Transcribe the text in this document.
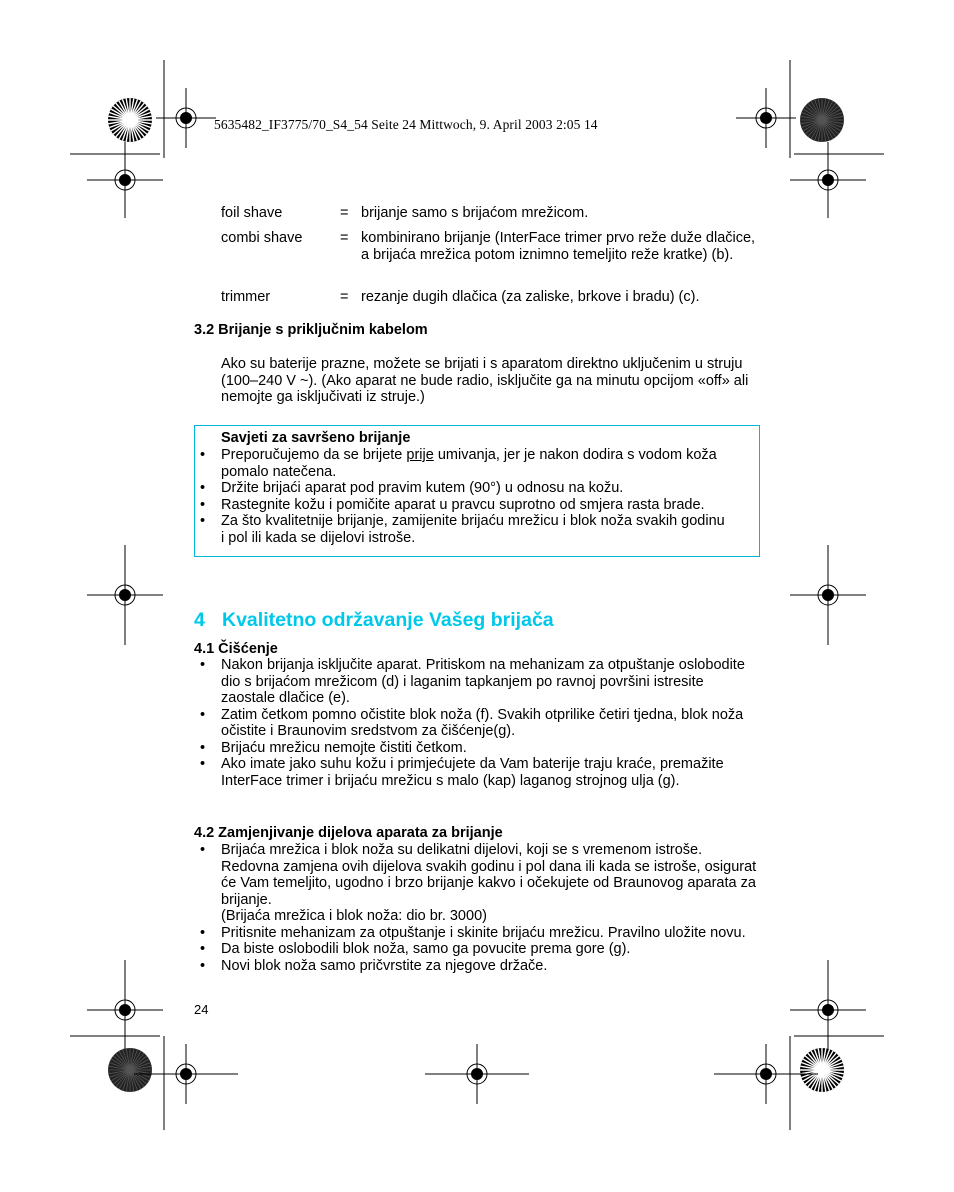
5635482_IF3775/70_S4_54 Seite 24 Mittwoch, 9. April 2003 2:05 14
foil shave	= brijanje samo s brijaćom mrežicom.
combi shave	= kombinirano brijanje (InterFace trimer prvo reže duže dlačice, a brijaća mrežica potom iznimno temeljito reže kratke) (b).
trimmer	= rezanje dugih dlačica (za zaliske, brkove i bradu) (c).
3.2 Brijanje s priključnim kabelom
Ako su baterije prazne, možete se brijati i s aparatom direktno uključenim u struju (100–240 V ~). (Ako aparat ne bude radio, isključite ga na minutu opcijom «off» ali nemojte ga isključivati iz struje.)
Savjeti za savršeno brijanje
• Preporučujemo da se brijete prije umivanja, jer je nakon dodira s vodom koža pomalo natečena.
• Držite brijaći aparat pod pravim kutem (90°) u odnosu na kožu.
• Rastegnite kožu i pomičite aparat u pravcu suprotno od smjera rasta brade.
• Za što kvalitetnije brijanje, zamijenite brijaću mrežicu i blok noža svakih godinu i pol ili kada se dijelovi istroše.
4 Kvalitetno održavanje Vašeg brijača
4.1 Čišćenje
• Nakon brijanja isključite aparat. Pritiskom na mehanizam za otpuštanje oslobodite dio s brijaćom mrežicom (d) i laganim tapkanjem po ravnoj površini istresite zaostale dlačice (e).
• Zatim četkom pomno očistite blok noža (f). Svakih otprilike četiri tjedna, blok noža očistite i Braunovim sredstvom za čišćenje(g).
• Brijaću mrežicu nemojte čistiti četkom.
• Ako imate jako suhu kožu i primjećujete da Vam baterije traju kraće, premažite InterFace trimer i brijaću mrežicu s malo (kap) laganog strojnog ulja (g).
4.2 Zamjenjivanje dijelova aparata za brijanje
• Brijaća mrežica i blok noža su delikatni dijelovi, koji se s vremenom istroše. Redovna zamjena ovih dijelova svakih godinu i pol dana ili kada se istroše, osigurat će Vam temeljito, ugodno i brzo brijanje kakvo i očekujete od Braunovog aparata za brijanje.
(Brijaća mrežica i blok noža: dio br. 3000)
• Pritisnite mehanizam za otpuštanje i skinite brijaću mrežicu. Pravilno uložite novu.
• Da biste oslobodili blok noža, samo ga povucite prema gore (g).
• Novi blok noža samo pričvrstite za njegove držače.
24
